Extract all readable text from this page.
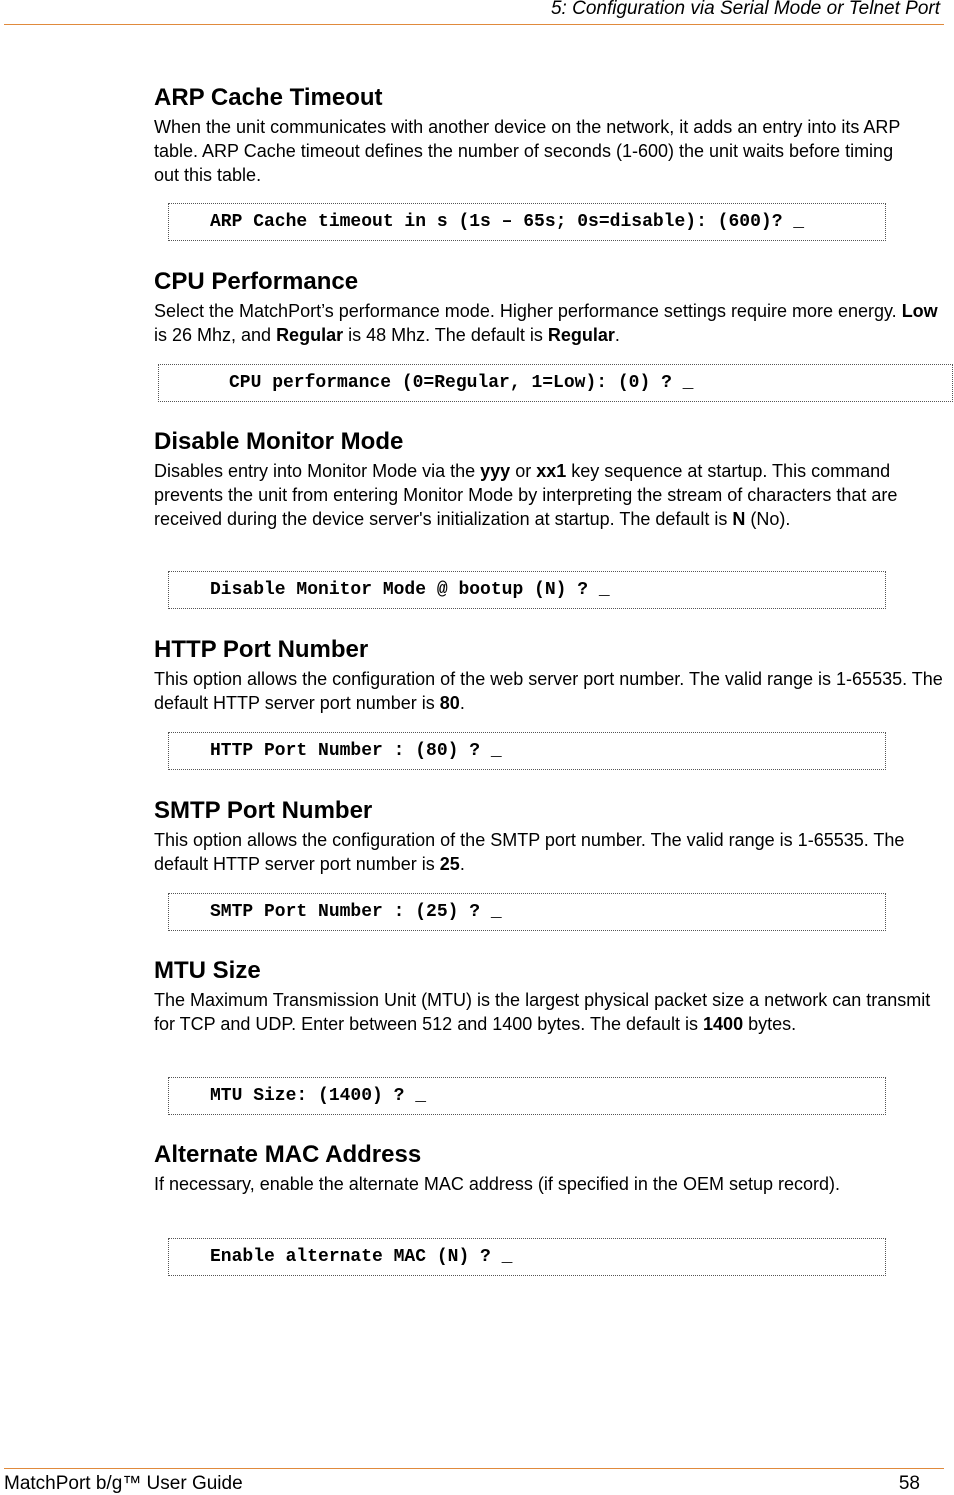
5: Configuration via Serial Mode or Telnet Port
ARP Cache Timeout

When the unit communicates with another device on the network, it adds an entry into its ARP table. ARP Cache timeout defines the number of seconds (1-600) the unit waits before timing out this table.

ARP Cache timeout in s (1s – 65s; 0s=disable): (600)? _
CPU Performance

Select the MatchPort’s performance mode. Higher performance settings require more energy. Low is 26 Mhz, and Regular is 48 Mhz. The default is Regular.

CPU performance (0=Regular, 1=Low): (0) ? _
Disable Monitor Mode

Disables entry into Monitor Mode via the yyy or xx1 key sequence at startup. This command prevents the unit from entering Monitor Mode by interpreting the stream of characters that are received during the device server's initialization at startup. The default is N (No).

Disable Monitor Mode @ bootup (N) ? _
HTTP Port Number

This option allows the configuration of the web server port number. The valid range is 1-65535. The default HTTP server port number is 80.

HTTP Port Number : (80) ? _
SMTP Port Number

This option allows the configuration of the SMTP port number. The valid range is 1-65535. The default HTTP server port number is 25.

SMTP Port Number : (25) ? _
MTU Size

The Maximum Transmission Unit (MTU) is the largest physical packet size a network can transmit for TCP and UDP. Enter between 512 and 1400 bytes. The default is 1400 bytes.

MTU Size: (1400) ? _
Alternate MAC Address

If necessary, enable the alternate MAC address (if specified in the OEM setup record).

Enable alternate MAC (N) ? _
MatchPort b/g™ User Guide	58
